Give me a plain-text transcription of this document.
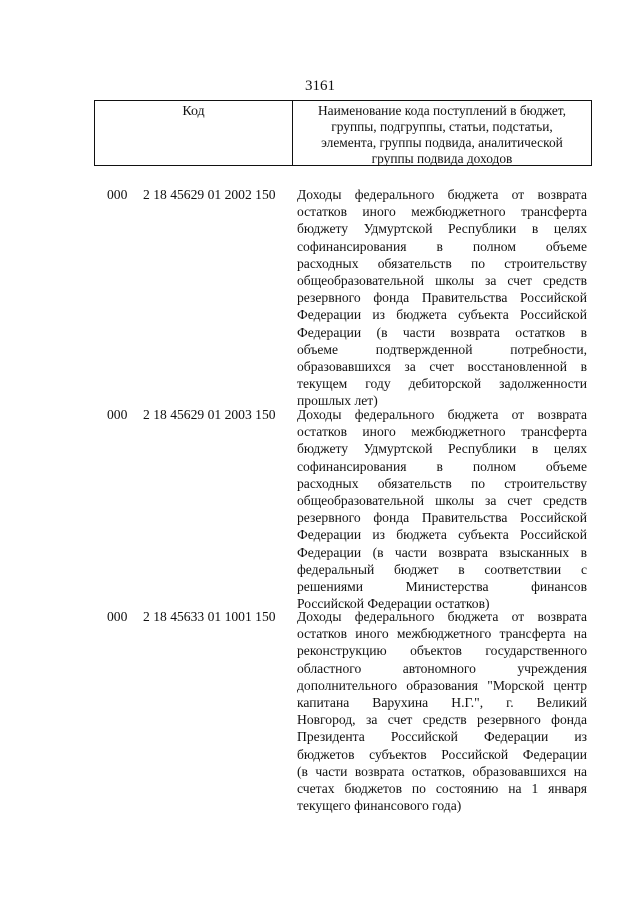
3161
Код	Наименование кода поступлений в бюджет,
группы, подгруппы, статьи, подстатьи,
элемента, группы подвида, аналитической
группы подвида доходов
000 2 18 45629 01 2002 150 Доходы федерального бюджета от возврата
остатков иного межбюджетного трансферта
бюджету Удмуртской Республики в целях
софинансирования в полном объеме
расходных обязательств по строительству
общеобразовательной школы за счет средств
резервного фонда Правительства Российской
Федерации из бюджета субъекта Российской
Федерации (в части возврата остатков в
объеме подтвержденной потребности,
образовавшихся за счет восстановленной в
текущем году дебиторской задолженности
прошлых лет)
000 2 18 45629 01 2003 150 Доходы федерального бюджета от возврата
остатков иного межбюджетного трансферта
бюджету Удмуртской Республики в целях
софинансирования в полном объеме
расходных обязательств по строительству
общеобразовательной школы за счет средств
резервного фонда Правительства Российской
Федерации из бюджета субъекта Российской
Федерации (в части возврата взысканных в
федеральный бюджет в соответствии с
решениями Министерства финансов
Российской Федерации остатков)
000 2 18 45633 01 1001 150 Доходы федерального бюджета от возврата
остатков иного межбюджетного трансферта на
реконструкцию объектов государственного
областного автономного учреждения
дополнительного образования "Морской центр
капитана Варухина Н.Г.", г. Великий
Новгород, за счет средств резервного фонда
Президента Российской Федерации из
бюджетов субъектов Российской Федерации
(в части возврата остатков, образовавшихся на
счетах бюджетов по состоянию на 1 января
текущего финансового года)
